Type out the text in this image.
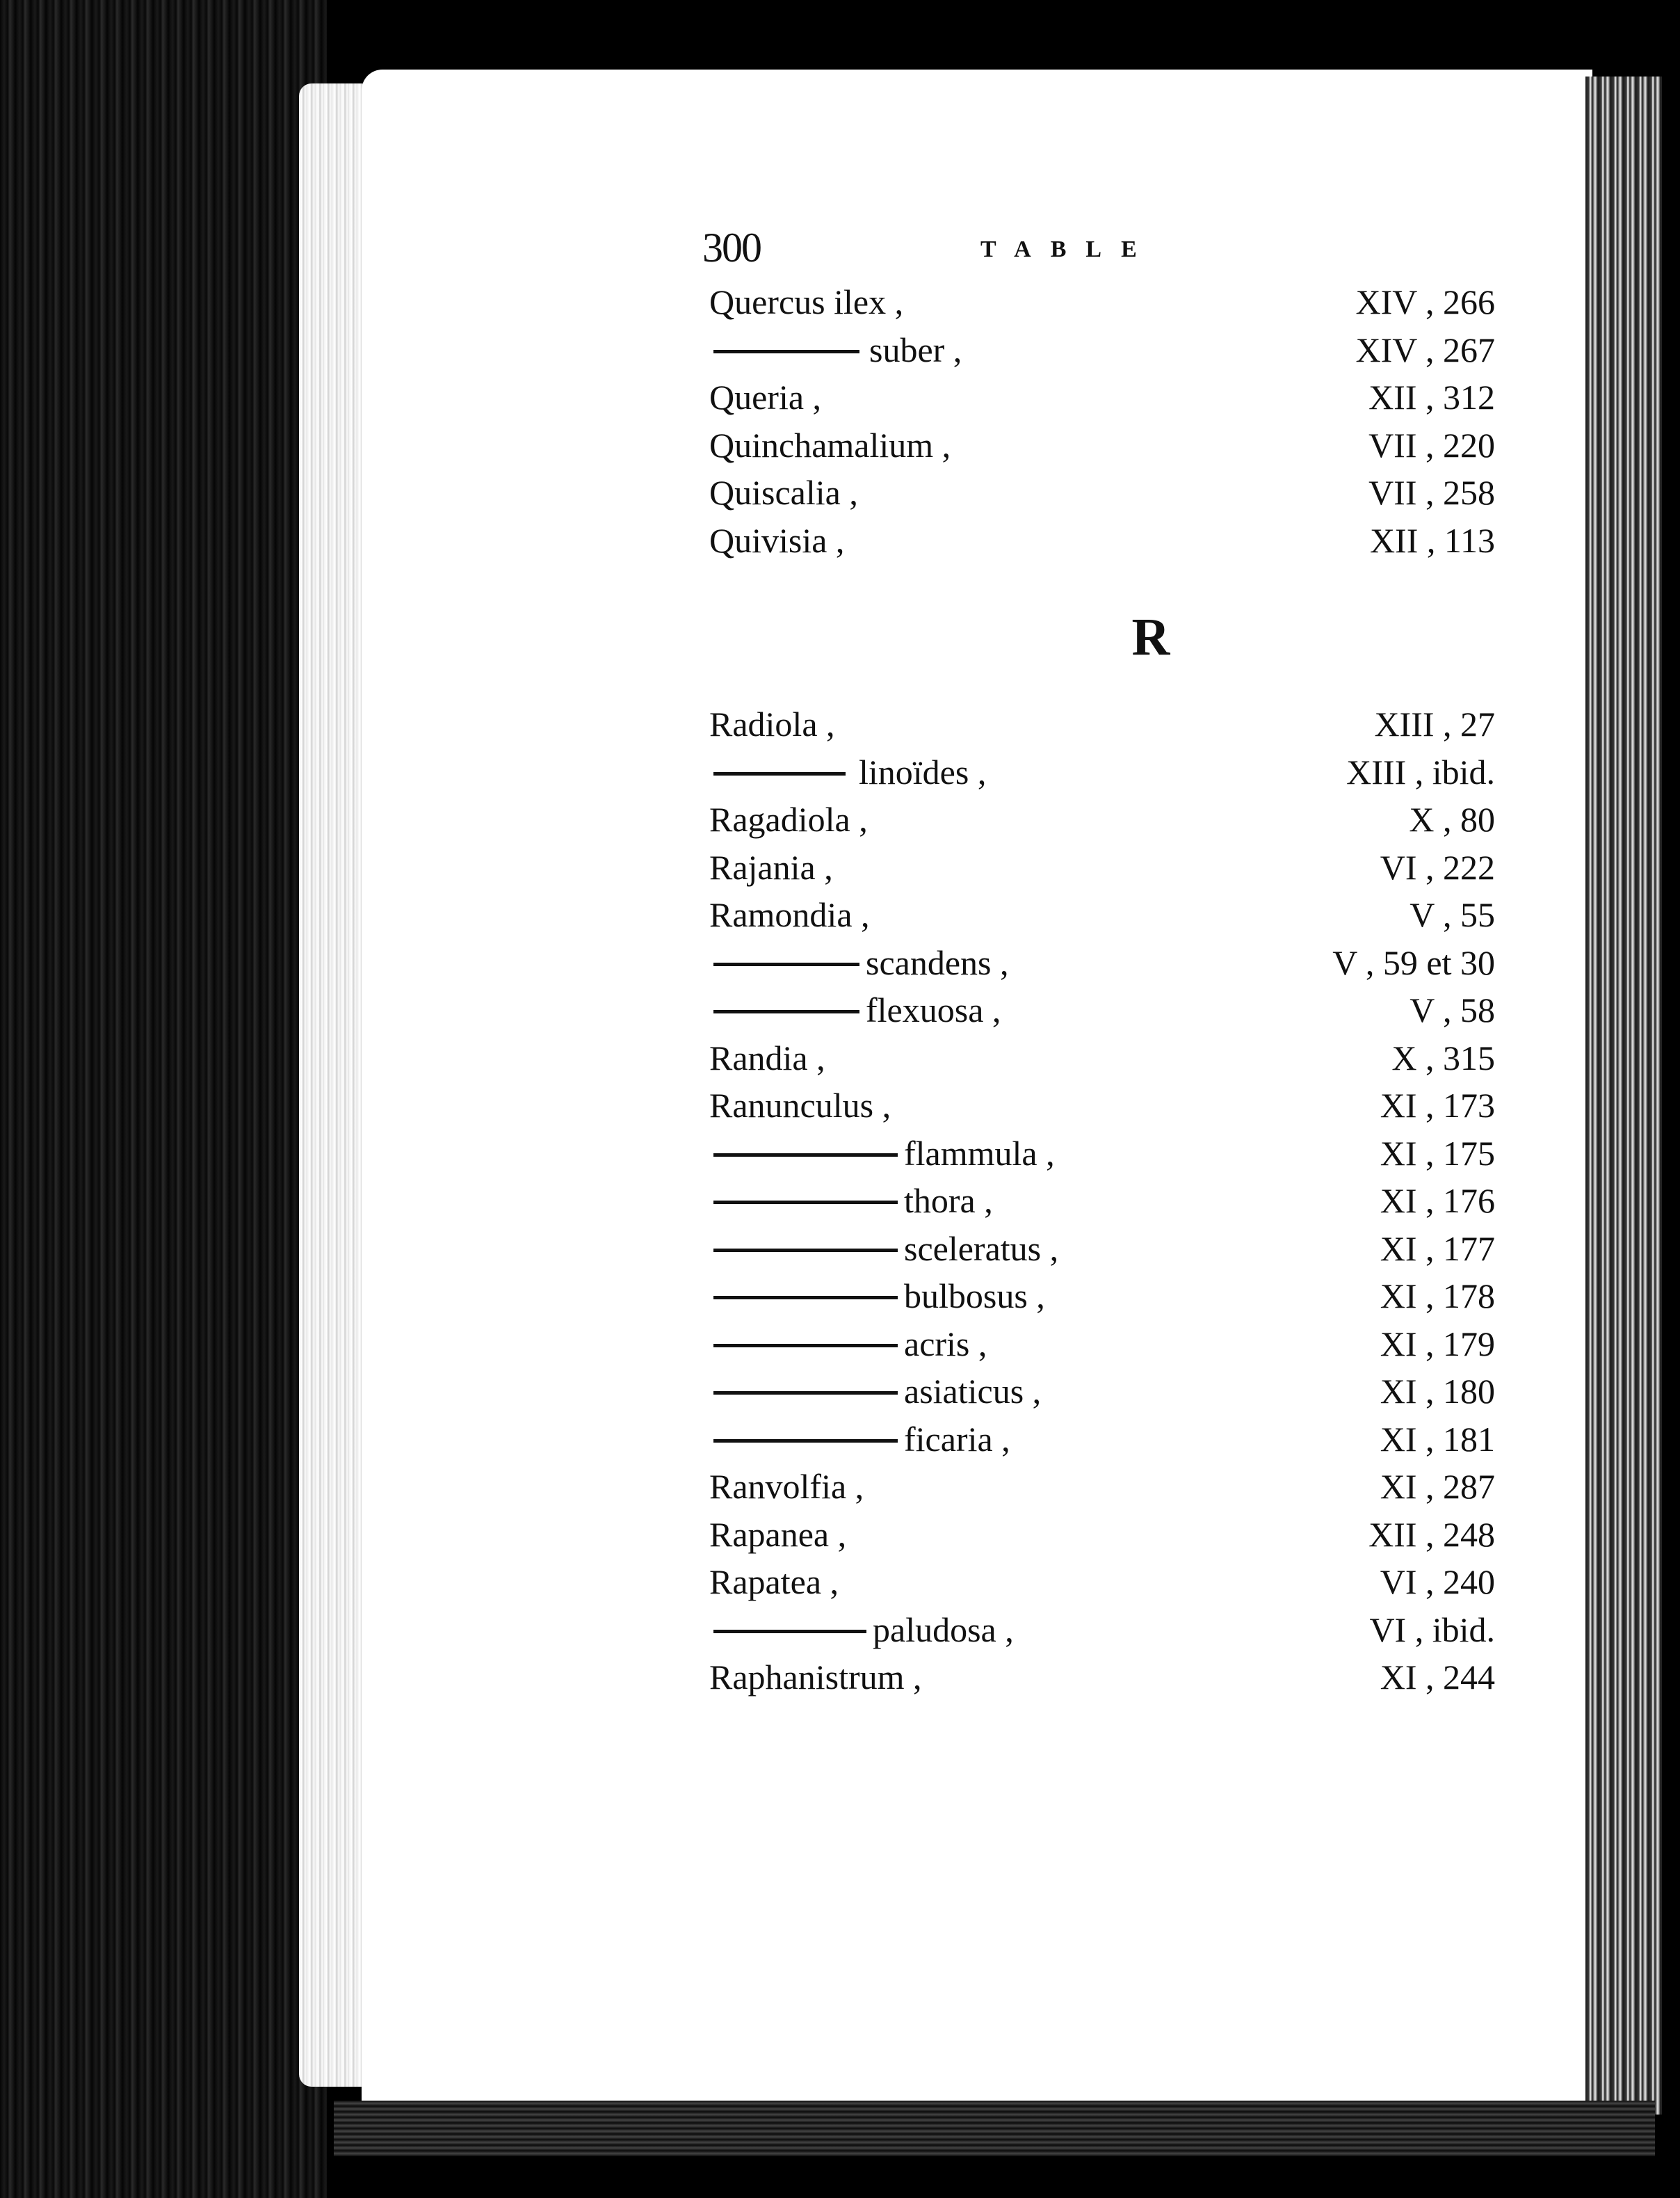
300	TABLE
Quercus ilex ,	XIV , 266
suber ,	XIV , 267
Queria ,	XII , 312
Quinchamalium ,	VII , 220
Quiscalia ,	VII , 258
Quivisia ,	XII , 113
R
Radiola ,	XIII , 27
linoïdes ,	XIII , ibid.
Ragadiola ,	X , 80
Rajania ,	VI , 222
Ramondia ,	V , 55
scandens ,	V , 59 et 30
flexuosa ,	V , 58
Randia ,	X , 315
Ranunculus ,	XI , 173
flammula ,	XI , 175
thora ,	XI , 176
sceleratus ,	XI , 177
bulbosus ,	XI , 178
acris ,	XI , 179
asiaticus ,	XI , 180
ficaria ,	XI , 181
Ranvolfia ,	XI , 287
Rapanea ,	XII , 248
Rapatea ,	VI , 240
paludosa ,	VI , ibid.
Raphanistrum ,	XI , 244
